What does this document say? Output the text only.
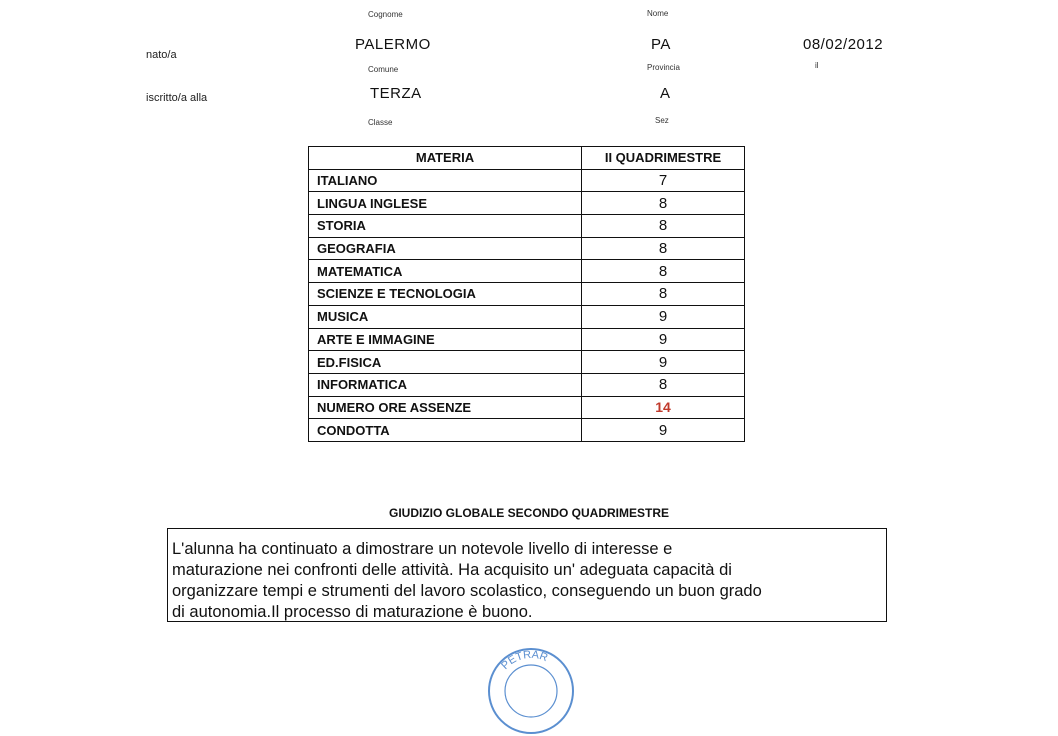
Cognome	Nome
nato/a
PALERMO	PA	08/02/2012
Comune	Provincia	il
iscritto/a alla	TERZA	A
Classe	Sez
MATERIA	II QUADRIMESTRE
ITALIANO	7
LINGUA INGLESE	8
STORIA	8
GEOGRAFIA	8
MATEMATICA	8
SCIENZE E TECNOLOGIA	8
MUSICA	9
ARTE E IMMAGINE	9
ED.FISICA	9
INFORMATICA	8
NUMERO ORE ASSENZE	14
CONDOTTA	9
GIUDIZIO GLOBALE SECONDO QUADRIMESTRE
L'alunna ha continuato a dimostrare un notevole livello di interesse e
maturazione nei confronti delle attività. Ha acquisito un' adeguata capacità di
organizzare tempi e strumenti del lavoro scolastico, conseguendo un buon grado
di autonomia.Il processo di maturazione è buono.
PETRAR
